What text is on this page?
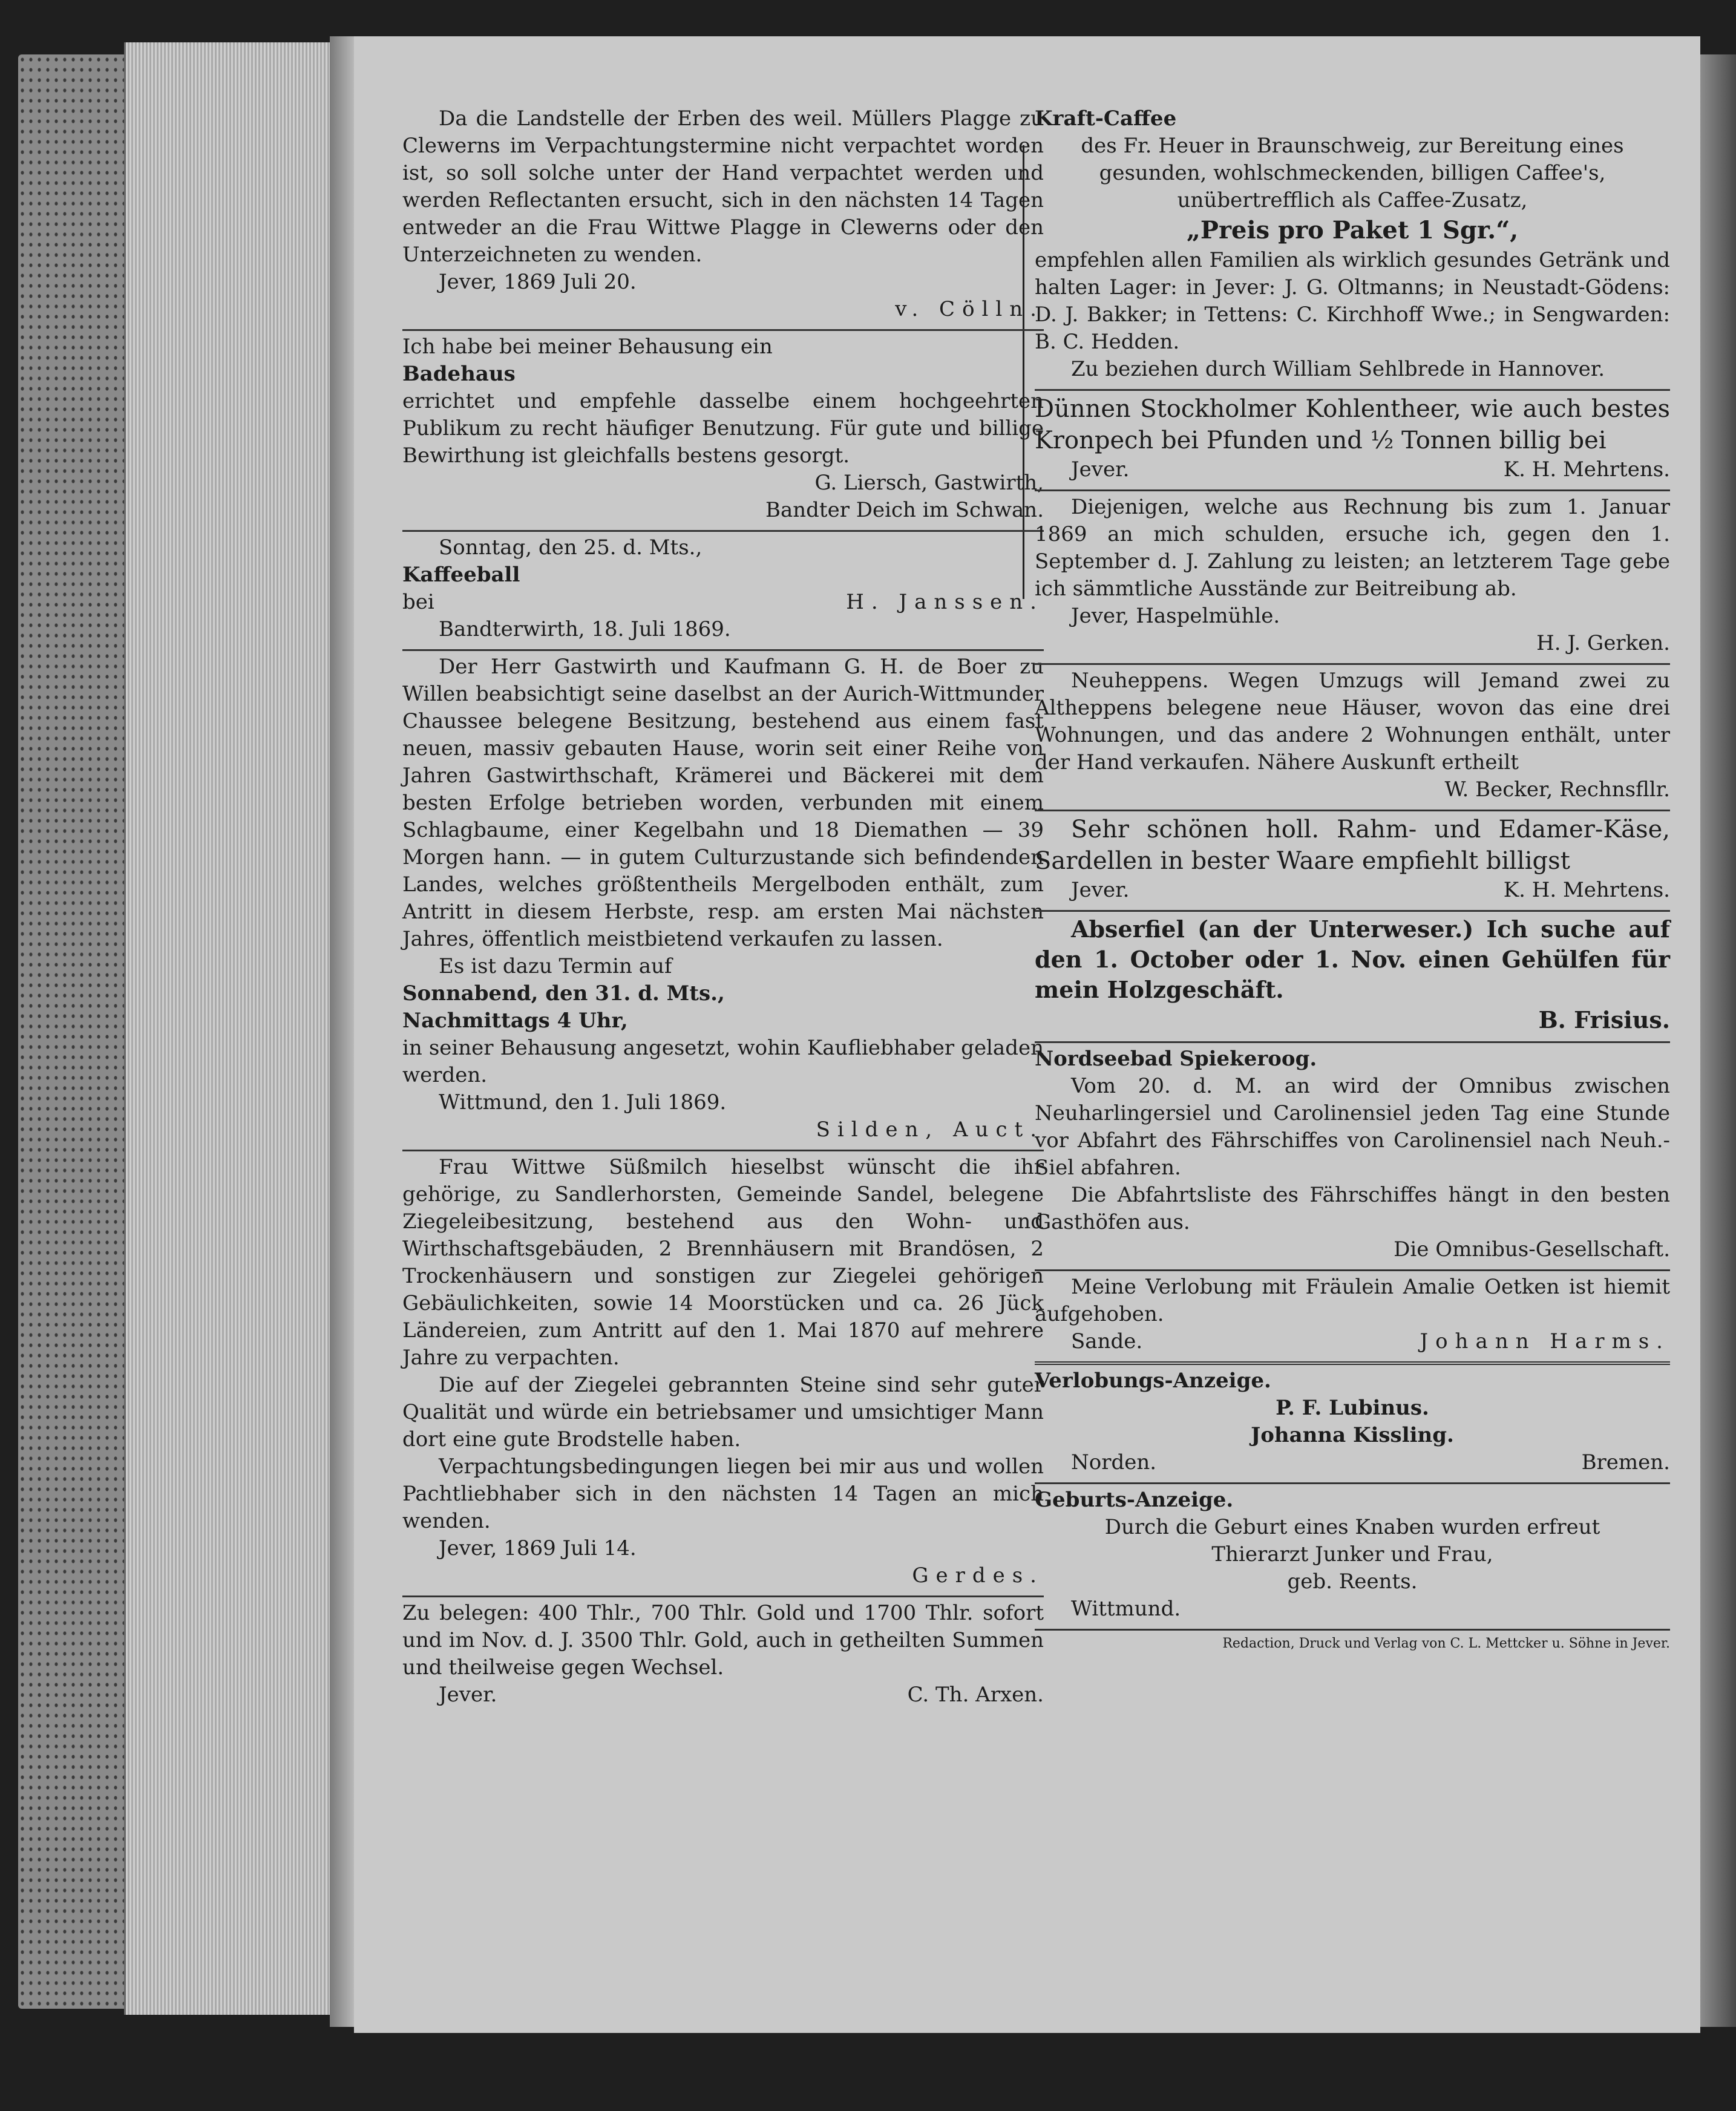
Da die Landstelle der Erben des weil. Müllers Plagge zu Clewerns im Verpachtungstermine nicht verpachtet worden ist, so soll solche unter der Hand verpachtet werden und werden Reflectanten ersucht, sich in den nächsten 14 Tagen entweder an die Frau Wittwe Plagge in Clewerns oder den Unterzeichneten zu wenden.

Jever, 1869 Juli 20.

v. Cölln.

Ich habe bei meiner Behausung ein

Badehaus

errichtet und empfehle dasselbe einem hochgeehrten Publikum zu recht häufiger Benutzung. Für gute und billige Bewirthung ist gleichfalls bestens gesorgt.

G. Liersch, Gastwirth,

Bandter Deich im Schwan.

Sonntag, den 25. d. Mts.,

Kaffeeball

bei	H. Janssen.

Bandterwirth, 18. Juli 1869.

Der Herr Gastwirth und Kaufmann G. H. de Boer zu Willen beabsichtigt seine daselbst an der Aurich-Wittmunder Chaussee belegene Besitzung, bestehend aus einem fast neuen, massiv gebauten Hause, worin seit einer Reihe von Jahren Gastwirthschaft, Krämerei und Bäckerei mit dem besten Erfolge betrieben worden, verbunden mit einem Schlagbaume, einer Kegelbahn und 18 Diemathen — 39 Morgen hann. — in gutem Culturzustande sich befindenden Landes, welches größtentheils Mergelboden enthält, zum Antritt in diesem Herbste, resp. am ersten Mai nächsten Jahres, öffentlich meistbietend verkaufen zu lassen.

Es ist dazu Termin auf

Sonnabend, den 31. d. Mts.,

Nachmittags 4 Uhr,

in seiner Behausung angesetzt, wohin Kaufliebhaber geladen werden.

Wittmund, den 1. Juli 1869.

Silden, Auct.

Frau Wittwe Süßmilch hieselbst wünscht die ihr gehörige, zu Sandlerhorsten, Gemeinde Sandel, belegene Ziegeleibesitzung, bestehend aus den Wohn- und Wirthschaftsgebäuden, 2 Brennhäusern mit Brandösen, 2 Trockenhäusern und sonstigen zur Ziegelei gehörigen Gebäulichkeiten, sowie 14 Moorstücken und ca. 26 Jück Ländereien, zum Antritt auf den 1. Mai 1870 auf mehrere Jahre zu verpachten.

Die auf der Ziegelei gebrannten Steine sind sehr guter Qualität und würde ein betriebsamer und umsichtiger Mann dort eine gute Brodstelle haben.

Verpachtungsbedingungen liegen bei mir aus und wollen Pachtliebhaber sich in den nächsten 14 Tagen an mich wenden.

Jever, 1869 Juli 14.

Gerdes.

Zu belegen: 400 Thlr., 700 Thlr. Gold und 1700 Thlr. sofort und im Nov. d. J. 3500 Thlr. Gold, auch in getheilten Summen und theilweise gegen Wechsel.

Jever.	C. Th. Arxen.

Kraft-Caffee

des Fr. Heuer in Braunschweig, zur Bereitung eines gesunden, wohlschmeckenden, billigen Caffee's, unübertrefflich als Caffee-Zusatz,

„Preis pro Paket 1 Sgr.“,

empfehlen allen Familien als wirklich gesundes Getränk und halten Lager: in Jever: J. G. Oltmanns; in Neustadt-Gödens: D. J. Bakker; in Tettens: C. Kirchhoff Wwe.; in Sengwarden: B. C. Hedden.

Zu beziehen durch William Sehlbrede in Hannover.

Dünnen Stockholmer Kohlentheer, wie auch bestes Kronpech bei Pfunden und ½ Tonnen billig bei

Jever.	K. H. Mehrtens.

Diejenigen, welche aus Rechnung bis zum 1. Januar 1869 an mich schulden, ersuche ich, gegen den 1. September d. J. Zahlung zu leisten; an letzterem Tage gebe ich sämmtliche Ausstände zur Beitreibung ab.

Jever, Haspelmühle.

H. J. Gerken.

Neuheppens. Wegen Umzugs will Jemand zwei zu Altheppens belegene neue Häuser, wovon das eine drei Wohnungen, und das andere 2 Wohnungen enthält, unter der Hand verkaufen. Nähere Auskunft ertheilt

W. Becker, Rechnsfllr.

Sehr schönen holl. Rahm- und Edamer-Käse, Sardellen in bester Waare empfiehlt billigst

Jever.	K. H. Mehrtens.

Abserfiel (an der Unterweser.) Ich suche auf den 1. October oder 1. Nov. einen Gehülfen für mein Holzgeschäft.

B. Frisius.

Nordseebad Spiekeroog.

Vom 20. d. M. an wird der Omnibus zwischen Neuharlingersiel und Carolinensiel jeden Tag eine Stunde vor Abfahrt des Fährschiffes von Carolinensiel nach Neuh.-Siel abfahren.

Die Abfahrtsliste des Fährschiffes hängt in den besten Gasthöfen aus.

Die Omnibus-Gesellschaft.

Meine Verlobung mit Fräulein Amalie Oetken ist hiemit aufgehoben.

Sande.	Johann Harms.

Verlobungs-Anzeige.

P. F. Lubinus.

Johanna Kissling.

Norden.	Bremen.

Geburts-Anzeige.

Durch die Geburt eines Knaben wurden erfreut

Thierarzt Junker und Frau,

geb. Reents.

Wittmund.

Redaction, Druck und Verlag von C. L. Mettcker u. Söhne in Jever.
